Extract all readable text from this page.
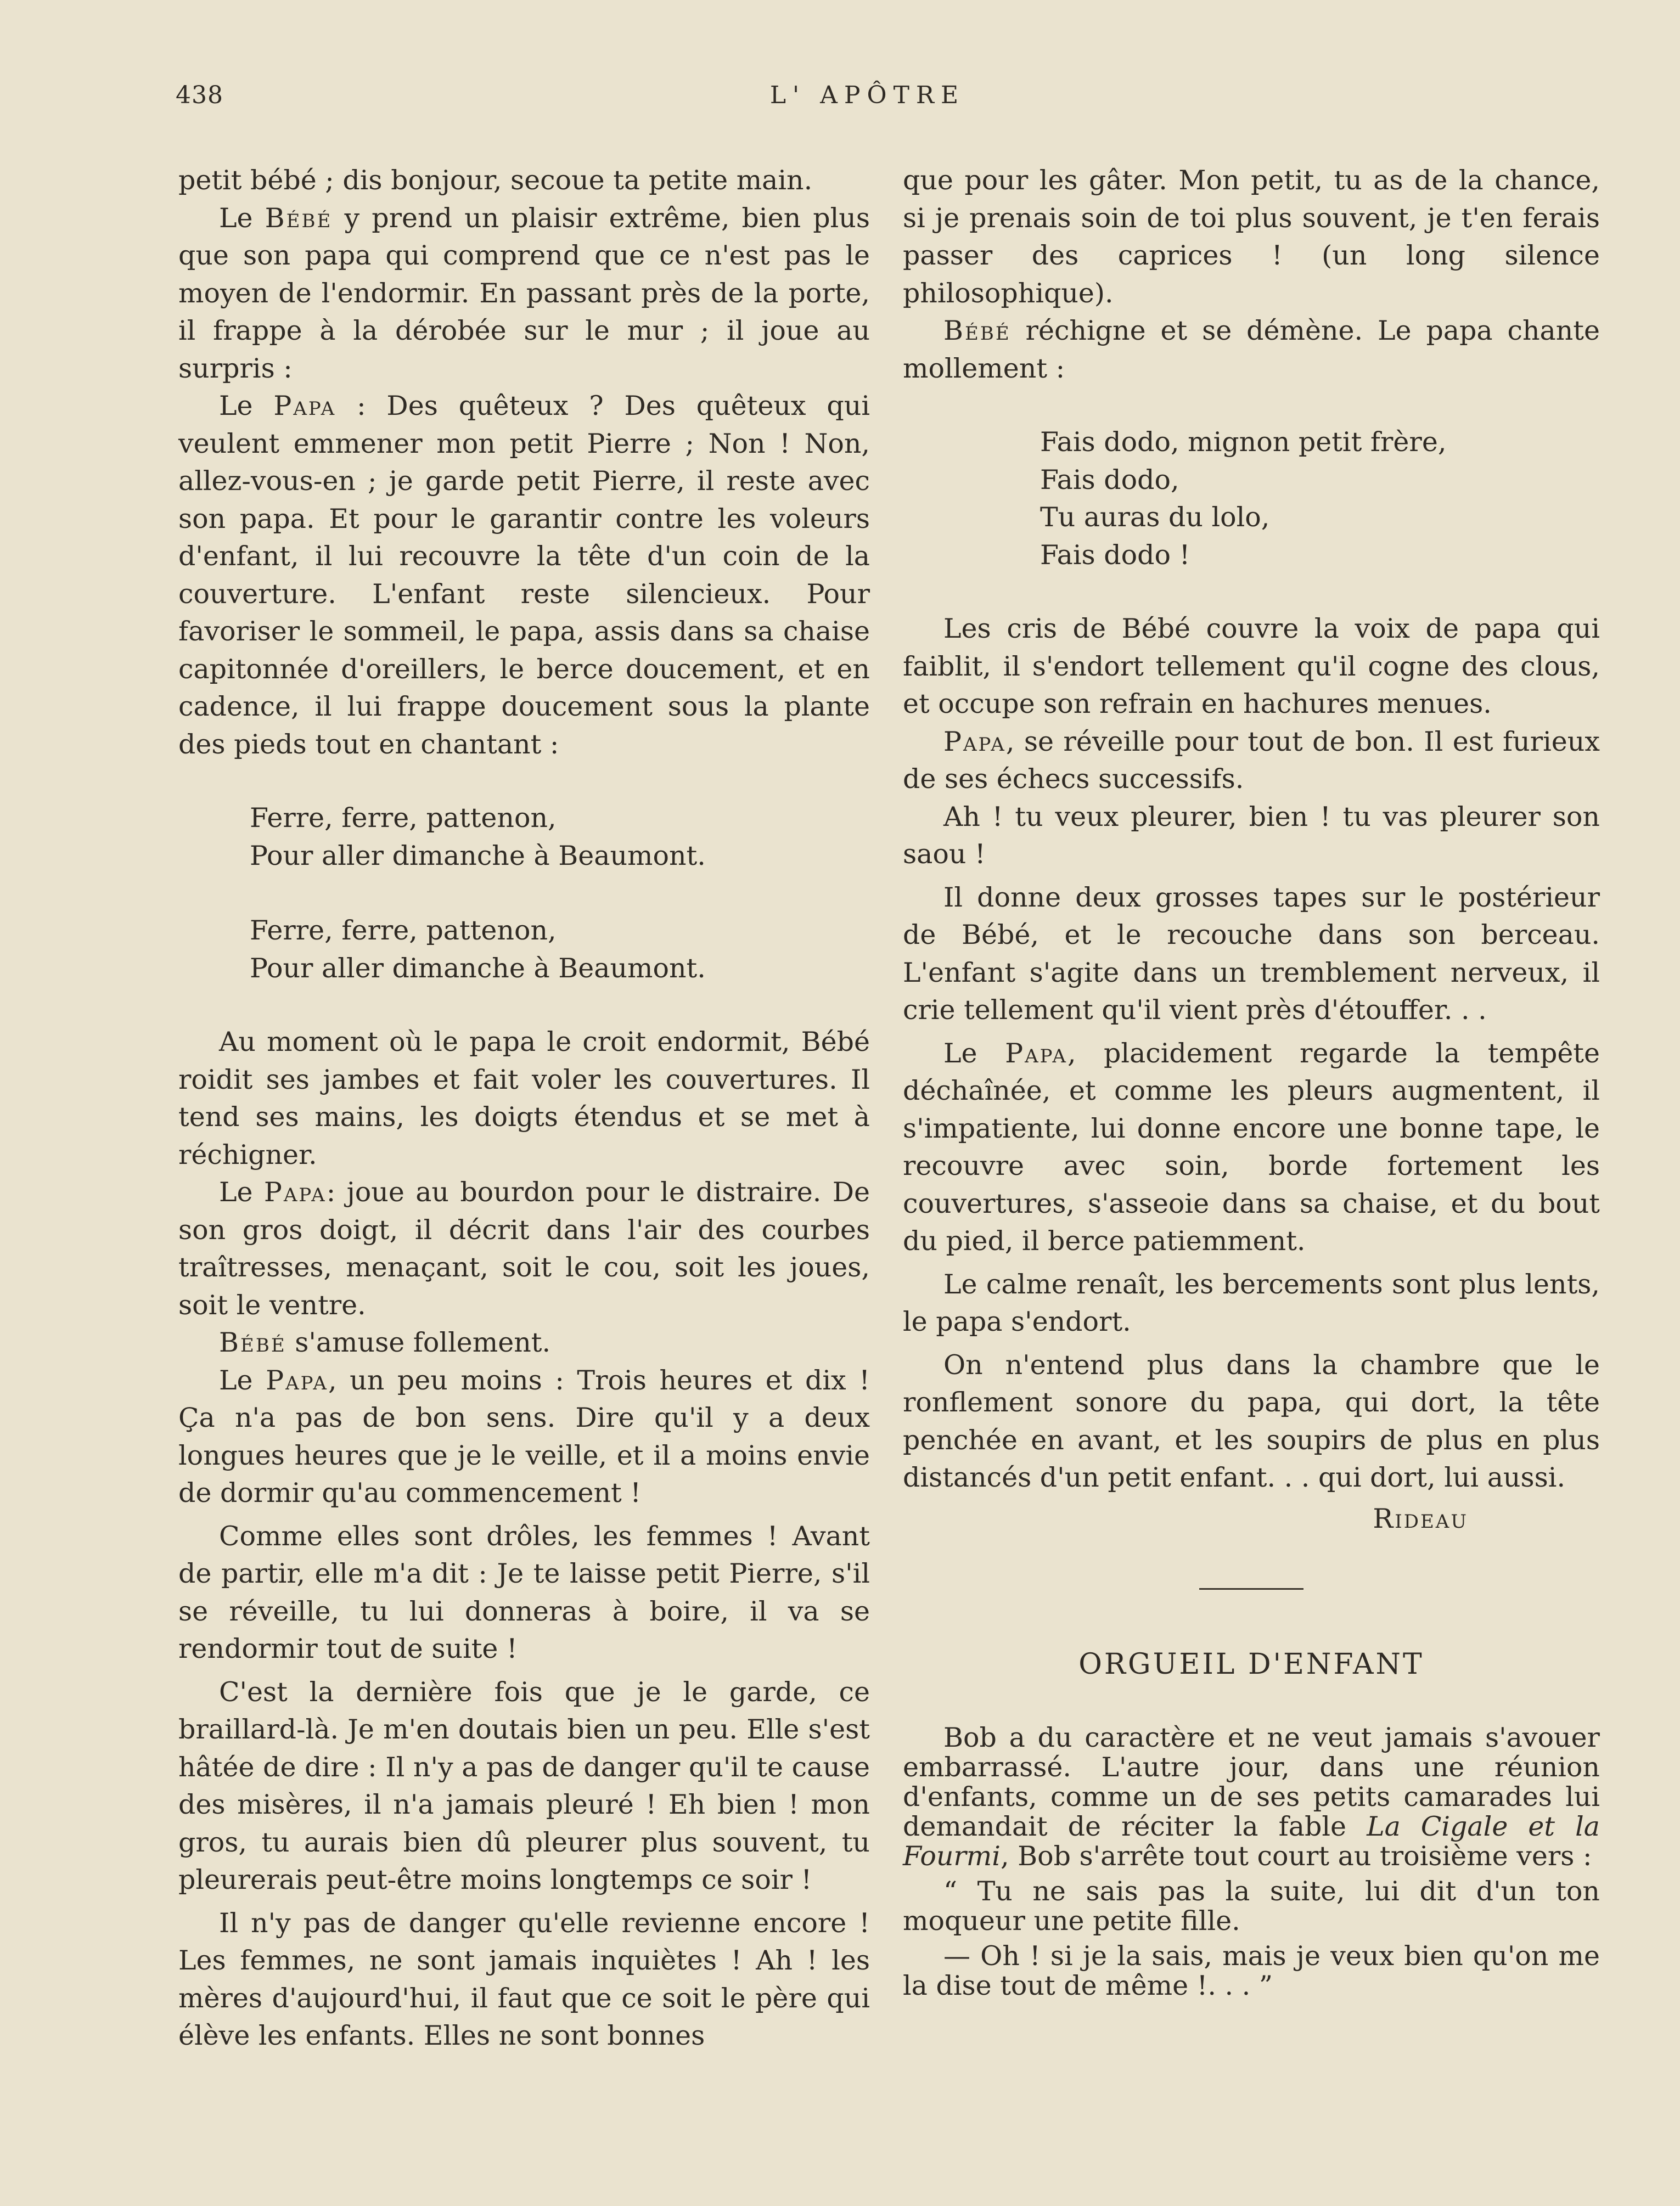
438	L' APÔTRE

petit bébé ; dis bonjour, secoue ta petite main.

Le Bébé y prend un plaisir extrême, bien plus que son papa qui comprend que ce n'est pas le moyen de l'endormir. En passant près de la porte, il frappe à la dérobée sur le mur ; il joue au surpris :

Le Papa : Des quêteux ? Des quêteux qui veulent emmener mon petit Pierre ; Non ! Non, allez-vous-en ; je garde petit Pierre, il reste avec son papa. Et pour le garantir contre les voleurs d'enfant, il lui recouvre la tête d'un coin de la couverture. L'enfant reste silencieux. Pour favoriser le sommeil, le papa, assis dans sa chaise capitonnée d'oreillers, le berce doucement, et en cadence, il lui frappe doucement sous la plante des pieds tout en chantant :

Ferre, ferre, pattenon,
Pour aller dimanche à Beaumont.
Ferre, ferre, pattenon,
Pour aller dimanche à Beaumont.

Au moment où le papa le croit endormit, Bébé roidit ses jambes et fait voler les couvertures. Il tend ses mains, les doigts étendus et se met à réchigner.

Le Papa: joue au bourdon pour le distraire. De son gros doigt, il décrit dans l'air des courbes traîtresses, menaçant, soit le cou, soit les joues, soit le ventre.

Bébé s'amuse follement.

Le Papa, un peu moins : Trois heures et dix ! Ça n'a pas de bon sens. Dire qu'il y a deux longues heures que je le veille, et il a moins envie de dormir qu'au commencement !

Comme elles sont drôles, les femmes ! Avant de partir, elle m'a dit : Je te laisse petit Pierre, s'il se réveille, tu lui donneras à boire, il va se rendormir tout de suite !

C'est la dernière fois que je le garde, ce braillard-là. Je m'en doutais bien un peu. Elle s'est hâtée de dire : Il n'y a pas de danger qu'il te cause des misères, il n'a jamais pleuré ! Eh bien ! mon gros, tu aurais bien dû pleurer plus souvent, tu pleurerais peut-être moins longtemps ce soir !

Il n'y pas de danger qu'elle revienne encore ! Les femmes, ne sont jamais inquiètes ! Ah ! les mères d'aujourd'hui, il faut que ce soit le père qui élève les enfants. Elles ne sont bonnes

que pour les gâter. Mon petit, tu as de la chance, si je prenais soin de toi plus souvent, je t'en ferais passer des caprices ! (un long silence philosophique).

Bébé réchigne et se démène. Le papa chante mollement :

Fais dodo, mignon petit frère,
Fais dodo,
Tu auras du lolo,
Fais dodo !

Les cris de Bébé couvre la voix de papa qui faiblit, il s'endort tellement qu'il cogne des clous, et occupe son refrain en hachures menues.

Papa, se réveille pour tout de bon. Il est furieux de ses échecs successifs.

Ah ! tu veux pleurer, bien ! tu vas pleurer son saou !

Il donne deux grosses tapes sur le postérieur de Bébé, et le recouche dans son berceau. L'enfant s'agite dans un tremblement nerveux, il crie tellement qu'il vient près d'étouffer. . .

Le Papa, placidement regarde la tempête déchaînée, et comme les pleurs augmentent, il s'impatiente, lui donne encore une bonne tape, le recouvre avec soin, borde fortement les couvertures, s'asseoie dans sa chaise, et du bout du pied, il berce patiemment.

Le calme renaît, les bercements sont plus lents, le papa s'endort.

On n'entend plus dans la chambre que le ronflement sonore du papa, qui dort, la tête penchée en avant, et les soupirs de plus en plus distancés d'un petit enfant. . . qui dort, lui aussi.

Rideau
ORGUEIL D'ENFANT

Bob a du caractère et ne veut jamais s'avouer embarrassé. L'autre jour, dans une réunion d'enfants, comme un de ses petits camarades lui demandait de réciter la fable La Cigale et la Fourmi, Bob s'arrête tout court au troisième vers :

“ Tu ne sais pas la suite, lui dit d'un ton moqueur une petite fille.

— Oh ! si je la sais, mais je veux bien qu'on me la dise tout de même !. . . ”
